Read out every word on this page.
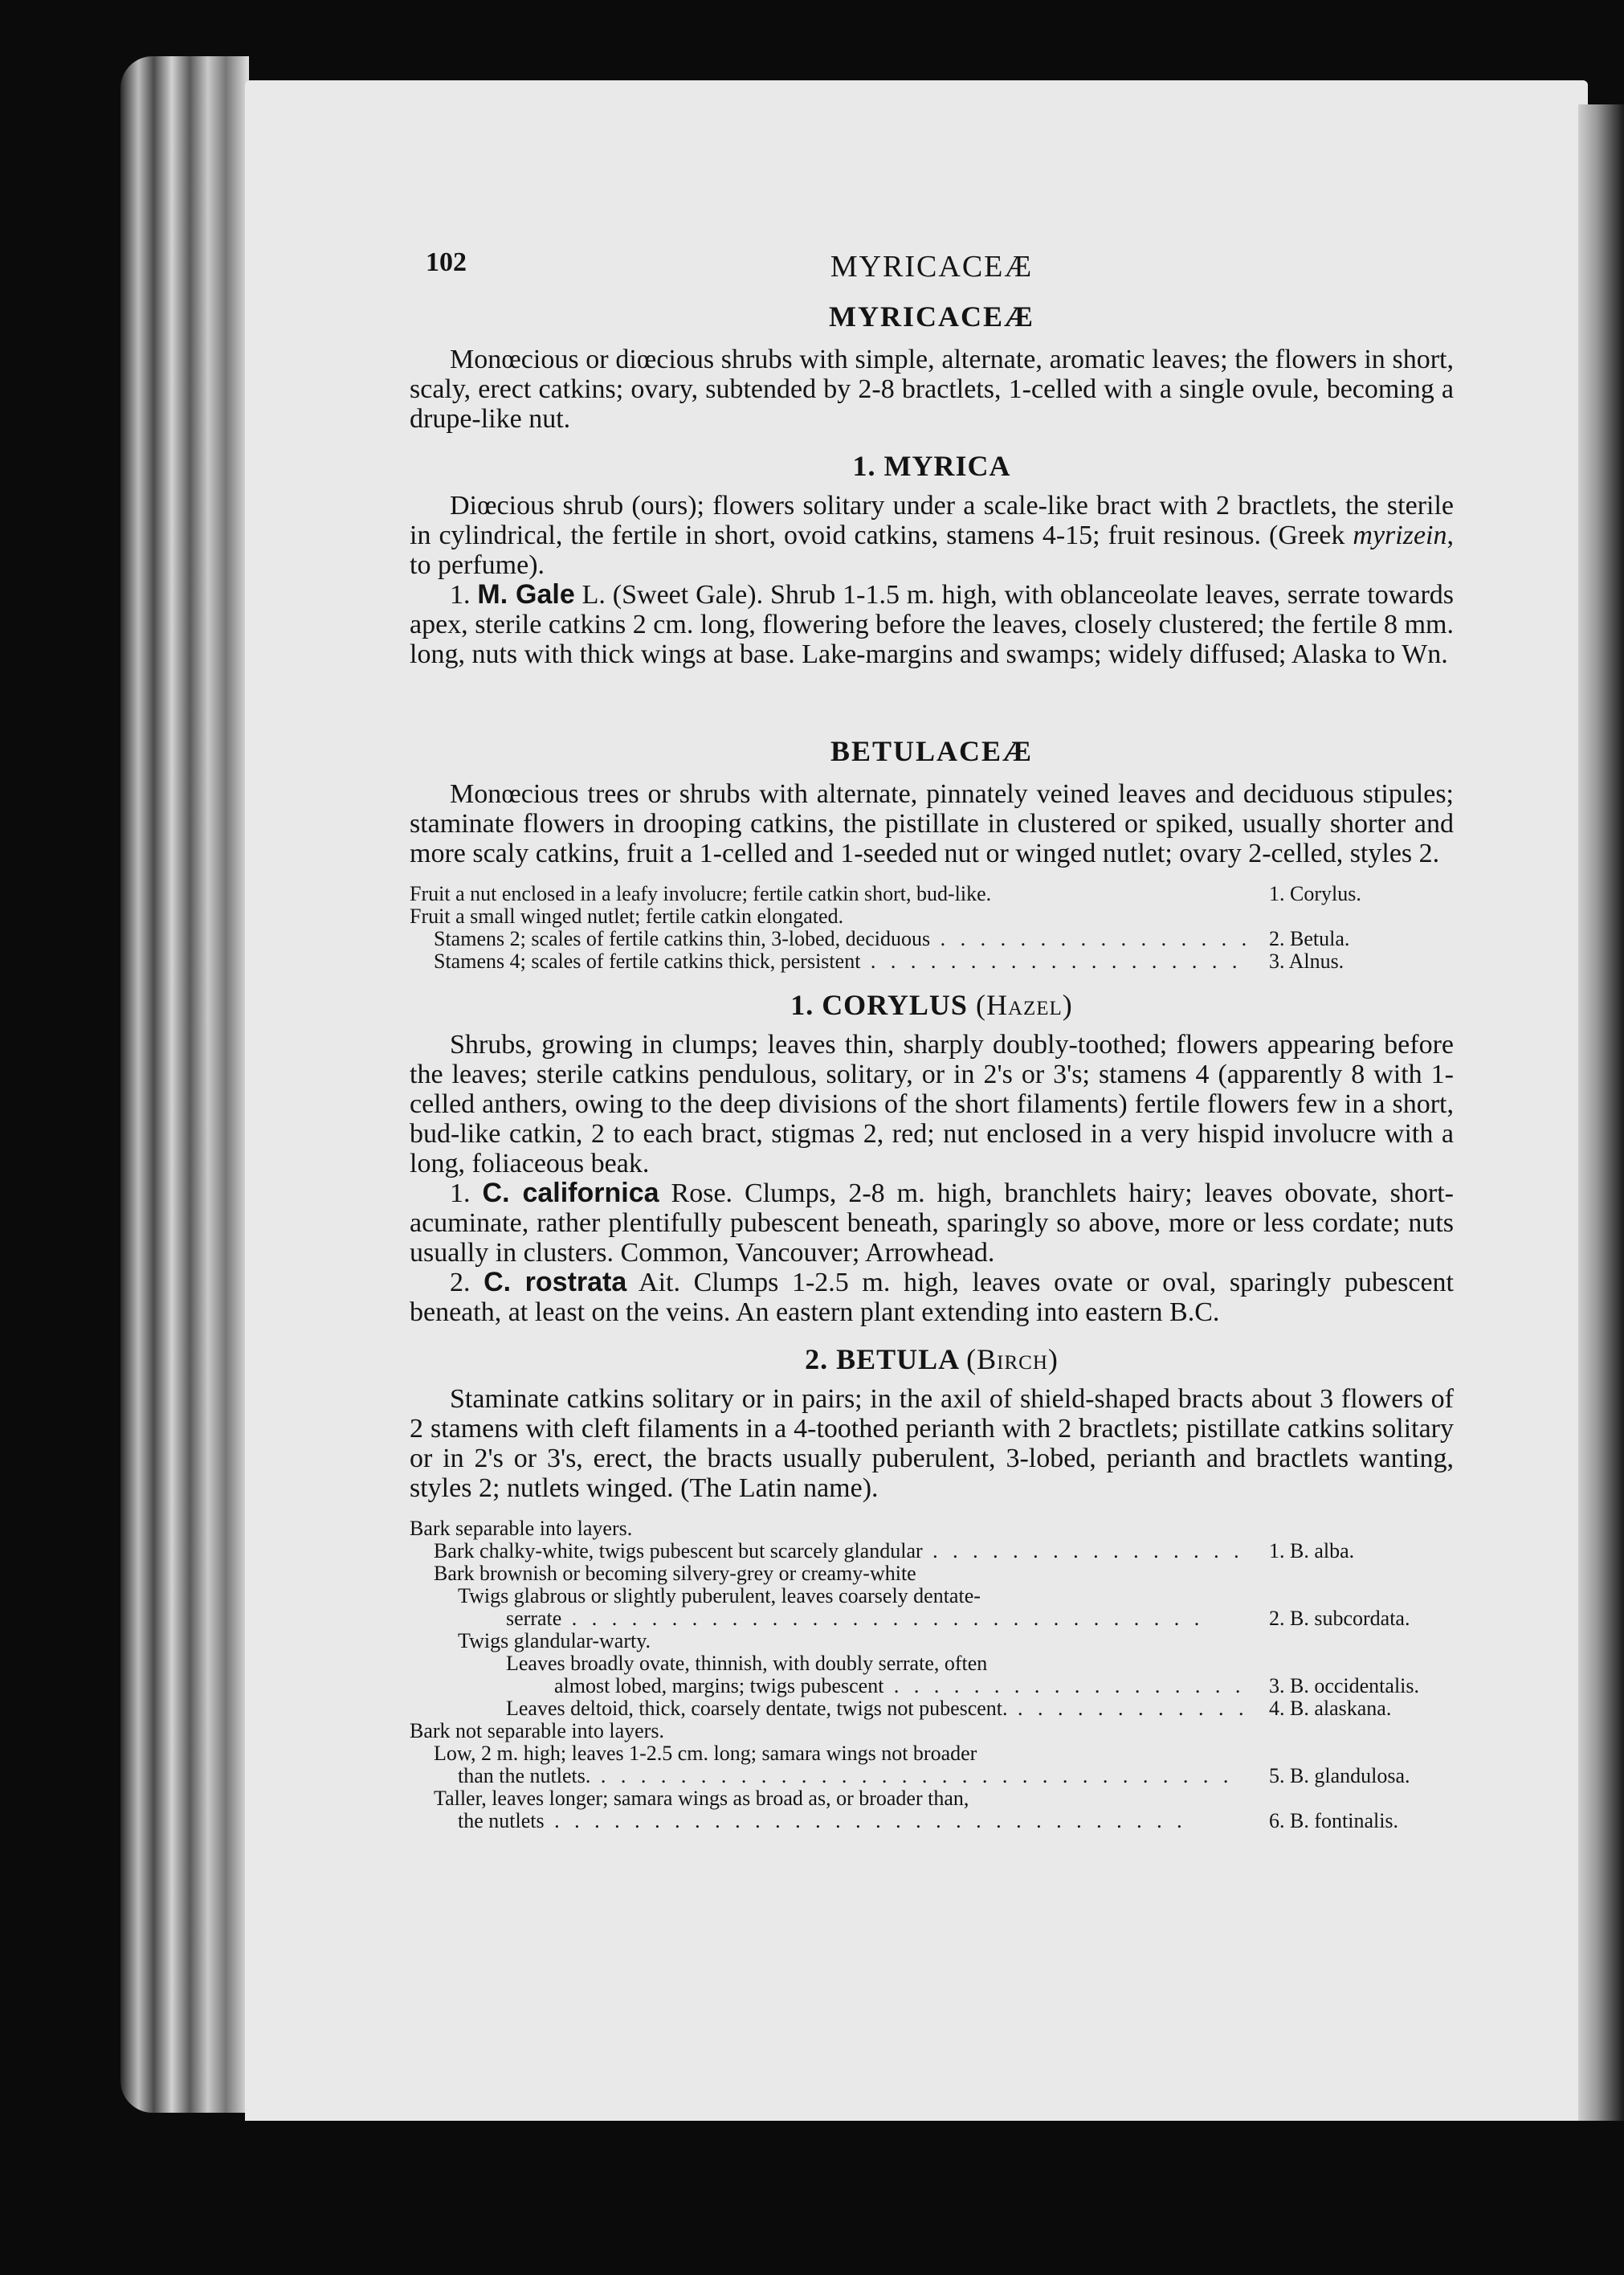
102	MYRICACEÆ
MYRICACEÆ

Monœcious or diœcious shrubs with simple, alternate, aromatic leaves; the flowers in short, scaly, erect catkins; ovary, subtended by 2-8 bractlets, 1-celled with a single ovule, becoming a drupe-like nut.

1. MYRICA

Diœcious shrub (ours); flowers solitary under a scale-like bract with 2 bractlets, the sterile in cylindrical, the fertile in short, ovoid catkins, stamens 4-15; fruit resinous. (Greek myrizein, to perfume).

1. M. Gale L. (Sweet Gale). Shrub 1-1.5 m. high, with oblanceolate leaves, serrate towards apex, sterile catkins 2 cm. long, flowering before the leaves, closely clustered; the fertile 8 mm. long, nuts with thick wings at base. Lake-margins and swamps; widely diffused; Alaska to Wn.

BETULACEÆ

Monœcious trees or shrubs with alternate, pinnately veined leaves and deciduous stipules; staminate flowers in drooping catkins, the pistillate in clustered or spiked, usually shorter and more scaly catkins, fruit a 1-celled and 1-seeded nut or winged nutlet; ovary 2-celled, styles 2.

Fruit a nut enclosed in a leafy involucre; fertile catkin short, bud-like.	1. Corylus.
Fruit a small winged nutlet; fertile catkin elongated.
Stamens 2; scales of fertile catkins thin, 3-lobed, deciduous . . .	2. Betula.
Stamens 4; scales of fertile catkins thick, persistent . . .	3. Alnus.
1. CORYLUS (Hazel)

Shrubs, growing in clumps; leaves thin, sharply doubly-toothed; flowers appearing before the leaves; sterile catkins pendulous, solitary, or in 2's or 3's; stamens 4 (apparently 8 with 1-celled anthers, owing to the deep divisions of the short filaments) fertile flowers few in a short, bud-like catkin, 2 to each bract, stigmas 2, red; nut enclosed in a very hispid involucre with a long, foliaceous beak.

1. C. californica Rose. Clumps, 2-8 m. high, branchlets hairy; leaves obovate, short-acuminate, rather plentifully pubescent beneath, sparingly so above, more or less cordate; nuts usually in clusters. Common, Vancouver; Arrowhead.

2. C. rostrata Ait. Clumps 1-2.5 m. high, leaves ovate or oval, sparingly pubescent beneath, at least on the veins. An eastern plant extending into eastern B.C.

2. BETULA (Birch)

Staminate catkins solitary or in pairs; in the axil of shield-shaped bracts about 3 flowers of 2 stamens with cleft filaments in a 4-toothed perianth with 2 bractlets; pistillate catkins solitary or in 2's or 3's, erect, the bracts usually puberulent, 3-lobed, perianth and bractlets wanting, styles 2; nutlets winged. (The Latin name).

Bark separable into layers.
Bark chalky-white, twigs pubescent but scarcely glandular . . .	1. B. alba.
Bark brownish or becoming silvery-grey or creamy-white
Twigs glabrous or slightly puberulent, leaves coarsely dentate-
serrate . . .	2. B. subcordata.
Twigs glandular-warty.
Leaves broadly ovate, thinnish, with doubly serrate, often
almost lobed, margins; twigs pubescent . . .	3. B. occidentalis.
Leaves deltoid, thick, coarsely dentate, twigs not pubescent. . . .	4. B. alaskana.
Bark not separable into layers.
Low, 2 m. high; leaves 1-2.5 cm. long; samara wings not broader
than the nutlets. . . .	5. B. glandulosa.
Taller, leaves longer; samara wings as broad as, or broader than,
the nutlets . . .	6. B. fontinalis.
